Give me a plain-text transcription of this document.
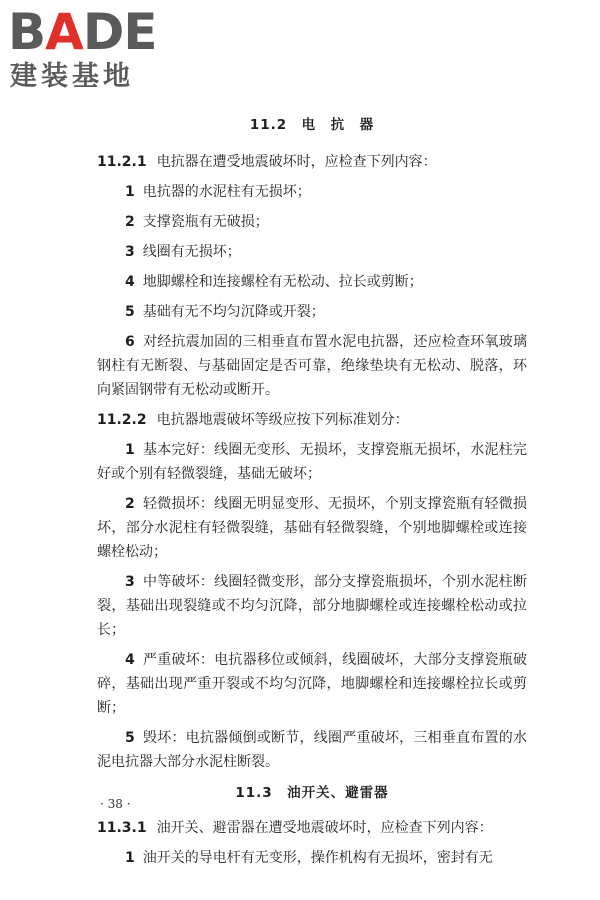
BADE
建装基地
11.2　电　抗　器

11.2.1 电抗器在遭受地震破坏时，应检查下列内容：

1 电抗器的水泥柱有无损坏；

2 支撑瓷瓶有无破损；

3 线圈有无损坏；

4 地脚螺栓和连接螺栓有无松动、拉长或剪断；

5 基础有无不均匀沉降或开裂；

6 对经抗震加固的三相垂直布置水泥电抗器，还应检查环氧玻璃钢柱有无断裂、与基础固定是否可靠，绝缘垫块有无松动、脱落，环向紧固钢带有无松动或断开。

11.2.2 电抗器地震破坏等级应按下列标准划分：

1 基本完好：线圈无变形、无损坏，支撑瓷瓶无损坏，水泥柱完好或个别有轻微裂缝，基础无破坏；

2 轻微损坏：线圈无明显变形、无损坏，个别支撑瓷瓶有轻微损坏，部分水泥柱有轻微裂缝，基础有轻微裂缝，个别地脚螺栓或连接螺栓松动；

3 中等破坏：线圈轻微变形，部分支撑瓷瓶损坏，个别水泥柱断裂，基础出现裂缝或不均匀沉降，部分地脚螺栓或连接螺栓松动或拉长；

4 严重破坏：电抗器移位或倾斜，线圈破坏，大部分支撑瓷瓶破碎，基础出现严重开裂或不均匀沉降，地脚螺栓和连接螺栓拉长或剪断；

5 毁坏：电抗器倾倒或断节，线圈严重破坏，三相垂直布置的水泥电抗器大部分水泥柱断裂。

11.3　油开关、避雷器

11.3.1 油开关、避雷器在遭受地震破坏时，应检查下列内容：

1 油开关的导电杆有无变形，操作机构有无损坏，密封有无

· 38 ·
